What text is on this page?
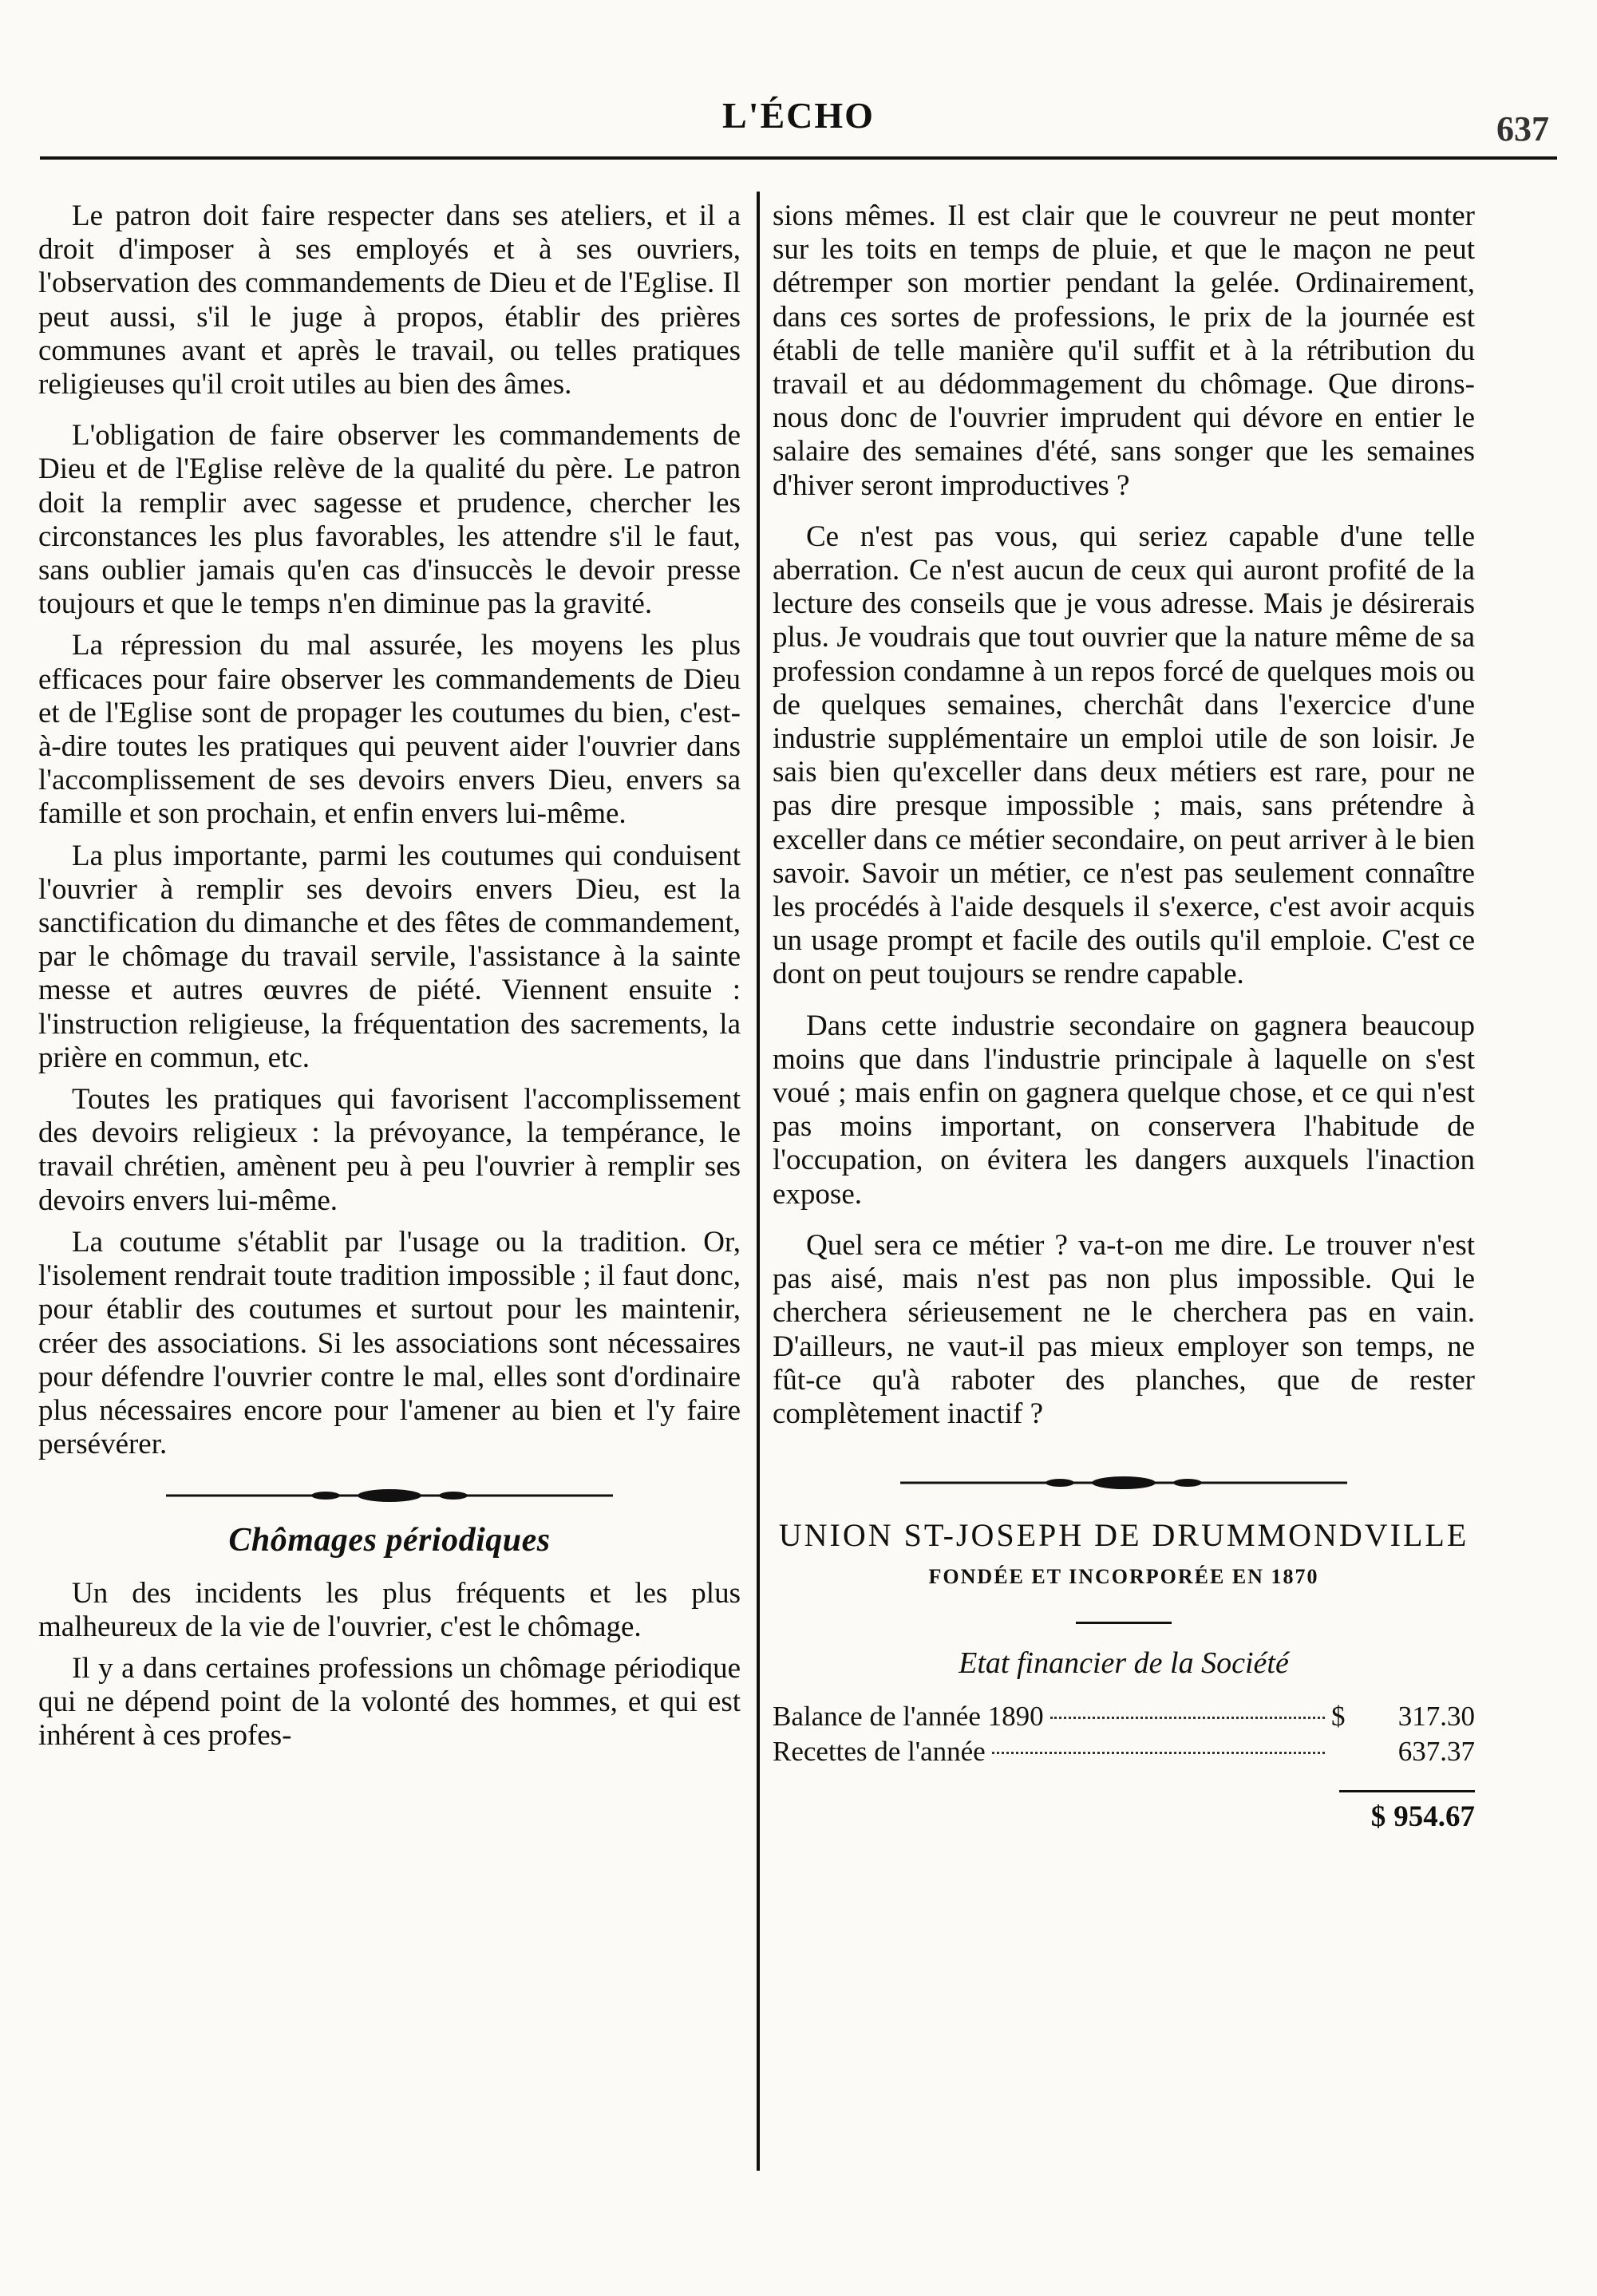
L'ÉCHO	637

Le patron doit faire respecter dans ses ateliers, et il a droit d'imposer à ses employés et à ses ouvriers, l'observation des commandements de Dieu et de l'Eglise. Il peut aussi, s'il le juge à propos, établir des prières communes avant et après le travail, ou telles pratiques religieuses qu'il croit utiles au bien des âmes.

L'obligation de faire observer les commandements de Dieu et de l'Eglise relève de la qualité du père. Le patron doit la remplir avec sagesse et prudence, chercher les circonstances les plus favorables, les attendre s'il le faut, sans oublier jamais qu'en cas d'insuccès le devoir presse toujours et que le temps n'en diminue pas la gravité.

La répression du mal assurée, les moyens les plus efficaces pour faire observer les commandements de Dieu et de l'Eglise sont de propager les coutumes du bien, c'est-à-dire toutes les pratiques qui peuvent aider l'ouvrier dans l'accomplissement de ses devoirs envers Dieu, envers sa famille et son prochain, et enfin envers lui-même.

La plus importante, parmi les coutumes qui conduisent l'ouvrier à remplir ses devoirs envers Dieu, est la sanctification du dimanche et des fêtes de commandement, par le chômage du travail servile, l'assistance à la sainte messe et autres œuvres de piété. Viennent ensuite : l'instruction religieuse, la fréquentation des sacrements, la prière en commun, etc.

Toutes les pratiques qui favorisent l'accomplissement des devoirs religieux : la prévoyance, la tempérance, le travail chrétien, amènent peu à peu l'ouvrier à remplir ses devoirs envers lui-même.

La coutume s'établit par l'usage ou la tradition. Or, l'isolement rendrait toute tradition impossible ; il faut donc, pour établir des coutumes et surtout pour les maintenir, créer des associations. Si les associations sont nécessaires pour défendre l'ouvrier contre le mal, elles sont d'ordinaire plus nécessaires encore pour l'amener au bien et l'y faire persévérer.

Chômages périodiques

Un des incidents les plus fréquents et les plus malheureux de la vie de l'ouvrier, c'est le chômage.

Il y a dans certaines professions un chômage périodique qui ne dépend point de la volonté des hommes, et qui est inhérent à ces profes-

sions mêmes. Il est clair que le couvreur ne peut monter sur les toits en temps de pluie, et que le maçon ne peut détremper son mortier pendant la gelée. Ordinairement, dans ces sortes de professions, le prix de la journée est établi de telle manière qu'il suffit et à la rétribution du travail et au dédommagement du chômage. Que dirons-nous donc de l'ouvrier imprudent qui dévore en entier le salaire des semaines d'été, sans songer que les semaines d'hiver seront improductives ?

Ce n'est pas vous, qui seriez capable d'une telle aberration. Ce n'est aucun de ceux qui auront profité de la lecture des conseils que je vous adresse. Mais je désirerais plus. Je voudrais que tout ouvrier que la nature même de sa profession condamne à un repos forcé de quelques mois ou de quelques semaines, cherchât dans l'exercice d'une industrie supplémentaire un emploi utile de son loisir. Je sais bien qu'exceller dans deux métiers est rare, pour ne pas dire presque impossible ; mais, sans prétendre à exceller dans ce métier secondaire, on peut arriver à le bien savoir. Savoir un métier, ce n'est pas seulement connaître les procédés à l'aide desquels il s'exerce, c'est avoir acquis un usage prompt et facile des outils qu'il emploie. C'est ce dont on peut toujours se rendre capable.

Dans cette industrie secondaire on gagnera beaucoup moins que dans l'industrie principale à laquelle on s'est voué ; mais enfin on gagnera quelque chose, et ce qui n'est pas moins important, on conservera l'habitude de l'occupation, on évitera les dangers auxquels l'inaction expose.

Quel sera ce métier ? va-t-on me dire. Le trouver n'est pas aisé, mais n'est pas non plus impossible. Qui le cherchera sérieusement ne le cherchera pas en vain. D'ailleurs, ne vaut-il pas mieux employer son temps, ne fût-ce qu'à raboter des planches, que de rester complètement inactif ?

UNION ST-JOSEPH DE DRUMMONDVILLE
FONDÉE ET INCORPORÉE EN 1870
Etat financier de la Société
Balance de l'année 1890	$	317.30
Recettes de l'année	637.37
$ 954.67
